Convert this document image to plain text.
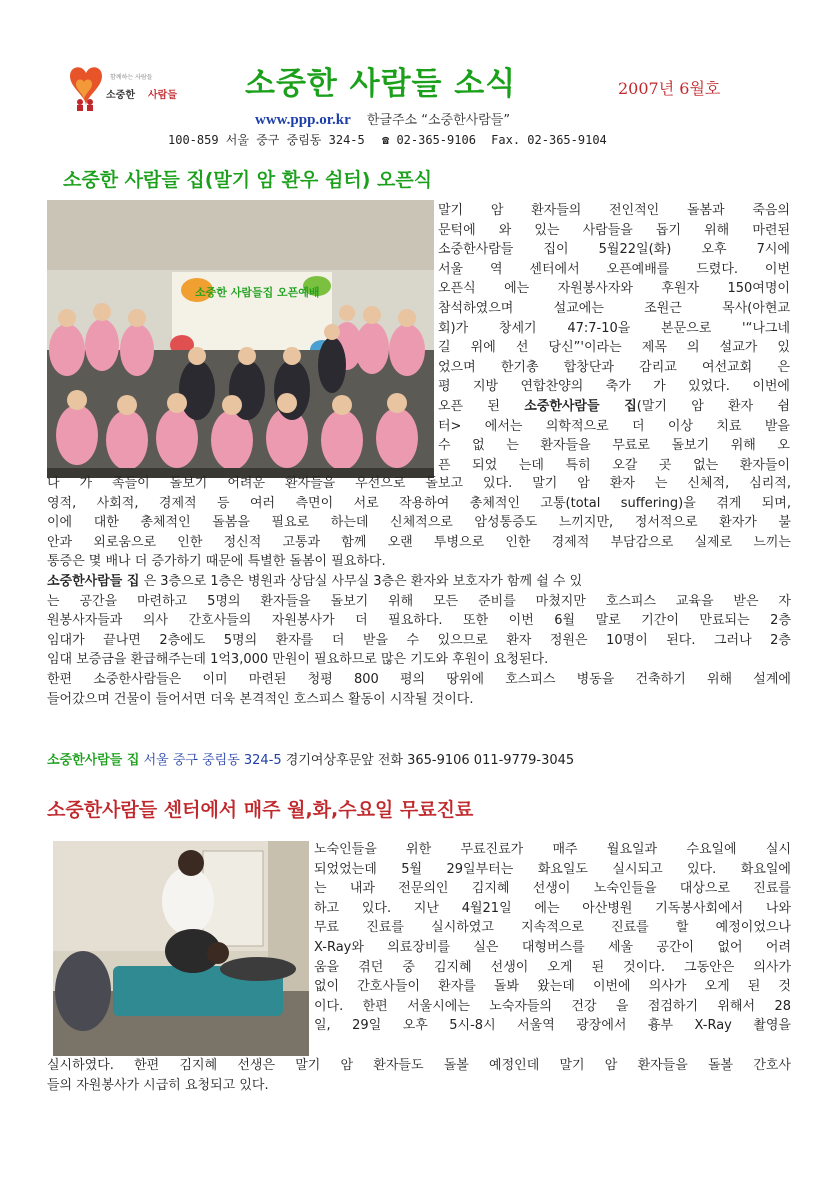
함께하는 사람들
소중한 사람들 소중한 사람들 소식	2007년 6월호
www.ppp.or.kr 한글주소 “소중한사람들”
100-859 서울 중구 중림동 324-5 ☎ 02-365-9106 Fax. 02-365-9104
소중한 사람들 집(말기 암 환우 쉼터) 오픈식
소중한 사람들집 오픈예배
말기 암 환자들의 전인적인 돌봄과 죽음의
문턱에 와 있는 사람들을 돕기 위해 마련된
소중한사람들 집이 5월22일(화) 오후 7시에
서울 역 센터에서 오픈예배를 드렸다. 이번
오픈식 에는 자원봉사자와 후원자 150여명이
참석하였으며 설교에는 조원근 목사(아현교
회)가 창세기 47:7-10을 본문으로 '“나그네
길 위에 선 당신”'이라는 제목 의 설교가 있
었으며 한기총 합창단과 감리교 여선교회 은
평 지방 연합찬양의 축가 가 있었다. 이번에
오픈 된 소중한사람들 집(말기 암 환자 쉼
터> 에서는 의학적으로 더 이상 치료 받을
수 없 는 환자들을 무료로 돌보기 위해 오
픈 되었 는데 특히 오갈 곳 없는 환자들이
나 가 족들이 돌보기 어려운 환자들을 우선으로 돌보고 있다. 말기 암 환자 는 신체적, 심리적,
영적, 사회적, 경제적 등 여러 측면이 서로 작용하여 총체적인 고통(total suffering)을 겪게 되며,
이에 대한 총체적인 돌봄을 필요로 하는데 신체적으로 암성통증도 느끼지만, 정서적으로 환자가 불
안과 외로움으로 인한 정신적 고통과 함께 오랜 투병으로 인한 경제적 부담감으로 실제로 느끼는
통증은 몇 배나 더 증가하기 때문에 특별한 돌봄이 필요하다.
소중한사람들 집 은 3층으로 1층은 병원과 상담실 사무실 3층은 환자와 보호자가 함께 쉴 수 있
는 공간을 마련하고 5명의 환자들을 돌보기 위해 모든 준비를 마쳤지만 호스피스 교육을 받은 자
원봉사자들과 의사 간호사들의 자원봉사가 더 필요하다. 또한 이번 6월 말로 기간이 만료되는 2층
임대가 끝나면 2층에도 5명의 환자를 더 받을 수 있으므로 환자 정원은 10명이 된다. 그러나 2층
임대 보증금을 환급해주는데 1억3,000 만원이 필요하므로 많은 기도와 후원이 요청된다.
한편 소중한사람들은 이미 마련된 청평 800 평의 땅위에 호스피스 병동을 건축하기 위해 설계에
들어갔으며 건물이 들어서면 더욱 본격적인 호스피스 활동이 시작될 것이다.
소중한사람들 집 서울 중구 중림동 324-5 경기여상후문앞 전화 365-9106 011-9779-3045
소중한사람들 센터에서 매주 월,화,수요일 무료진료
노숙인들을 위한 무료진료가 매주 월요일과 수요일에 실시
되었었는데 5월 29일부터는 화요일도 실시되고 있다. 화요일에
는 내과 전문의인 김지혜 선생이 노숙인들을 대상으로 진료를
하고 있다. 지난 4월21일 에는 아산병원 기독봉사회에서 나와
무료 진료를 실시하였고 지속적으로 진료를 할 예정이었으나
X-Ray와 의료장비를 실은 대형버스를 세울 공간이 없어 어려
움을 겪던 중 김지혜 선생이 오게 된 것이다. 그동안은 의사가
없이 간호사들이 환자를 돌봐 왔는데 이번에 의사가 오게 된 것
이다. 한편 서울시에는 노숙자들의 건강 을 점검하기 위해서 28
일, 29일 오후 5시-8시 서울역 광장에서 흉부 X-Ray 촬영을
실시하였다. 한편 김지혜 선생은 말기 암 환자들도 돌볼 예정인데 말기 암 환자들을 돌볼 간호사
들의 자원봉사가 시급히 요청되고 있다.
